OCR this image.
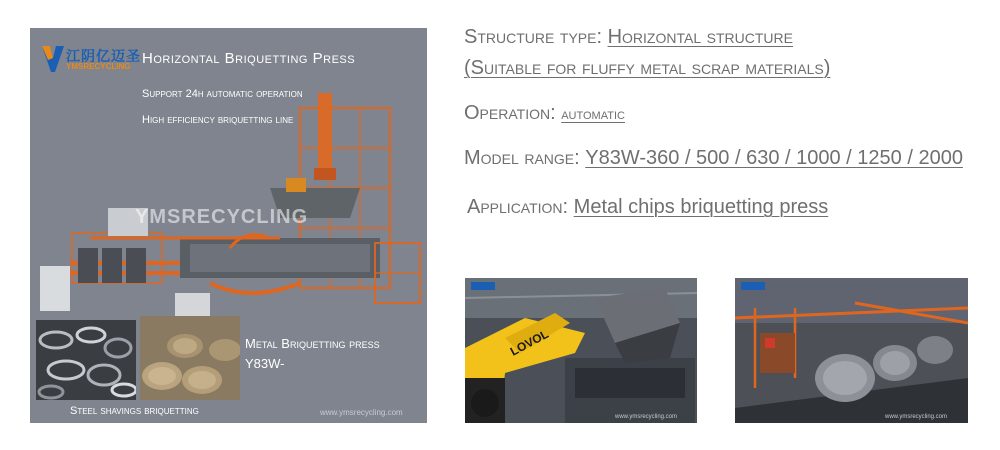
江阴亿迈圣
YMSRECYCLING Horizontal Briquetting Press
Support 24h automatic operation
High efficiency briquetting line
YMSRECYCLING
Metal Briquetting press
Y83W-
Steel shavings briquetting	www.ymsrecycling.com
Structure type: Horizontal structure
(Suitable for fluffy metal scrap materials)
Operation: automatic
Model range: Y83W-360 / 500 / 630 / 1000 / 1250 / 2000
Application: Metal chips briquetting press
LOVOL
www.ymsrecycling.com	www.ymsrecycling.com
